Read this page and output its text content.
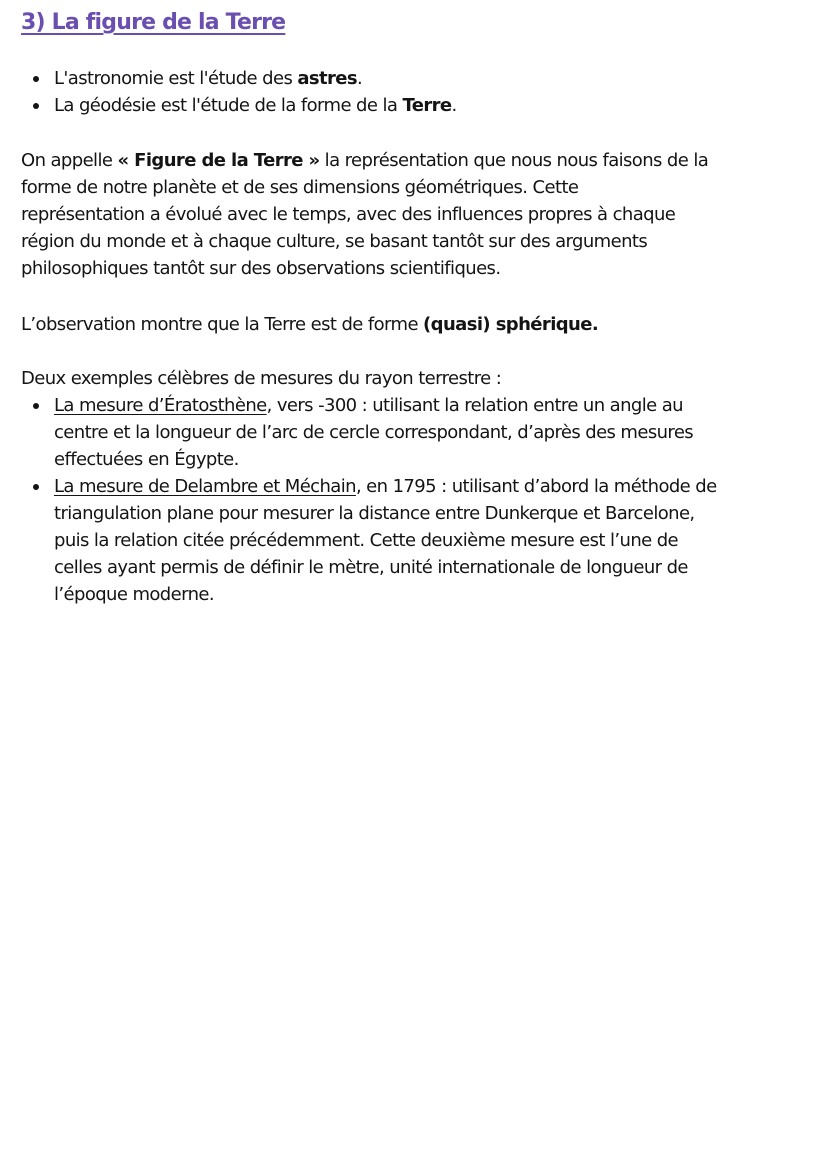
3) La figure de la Terre
L'astronomie est l'étude des astres.
La géodésie est l'étude de la forme de la Terre.
On appelle « Figure de la Terre » la représentation que nous nous faisons de la
forme de notre planète et de ses dimensions géométriques. Cette
représentation a évolué avec le temps, avec des influences propres à chaque
région du monde et à chaque culture, se basant tantôt sur des arguments
philosophiques tantôt sur des observations scientifiques.

L’observation montre que la Terre est de forme (quasi) sphérique.

Deux exemples célèbres de mesures du rayon terrestre :
La mesure d’Ératosthène, vers -300 : utilisant la relation entre un angle au
centre et la longueur de l’arc de cercle correspondant, d’après des mesures
effectuées en Égypte.
La mesure de Delambre et Méchain, en 1795 : utilisant d’abord la méthode de
triangulation plane pour mesurer la distance entre Dunkerque et Barcelone,
puis la relation citée précédemment. Cette deuxième mesure est l’une de
celles ayant permis de définir le mètre, unité internationale de longueur de
l’époque moderne.
